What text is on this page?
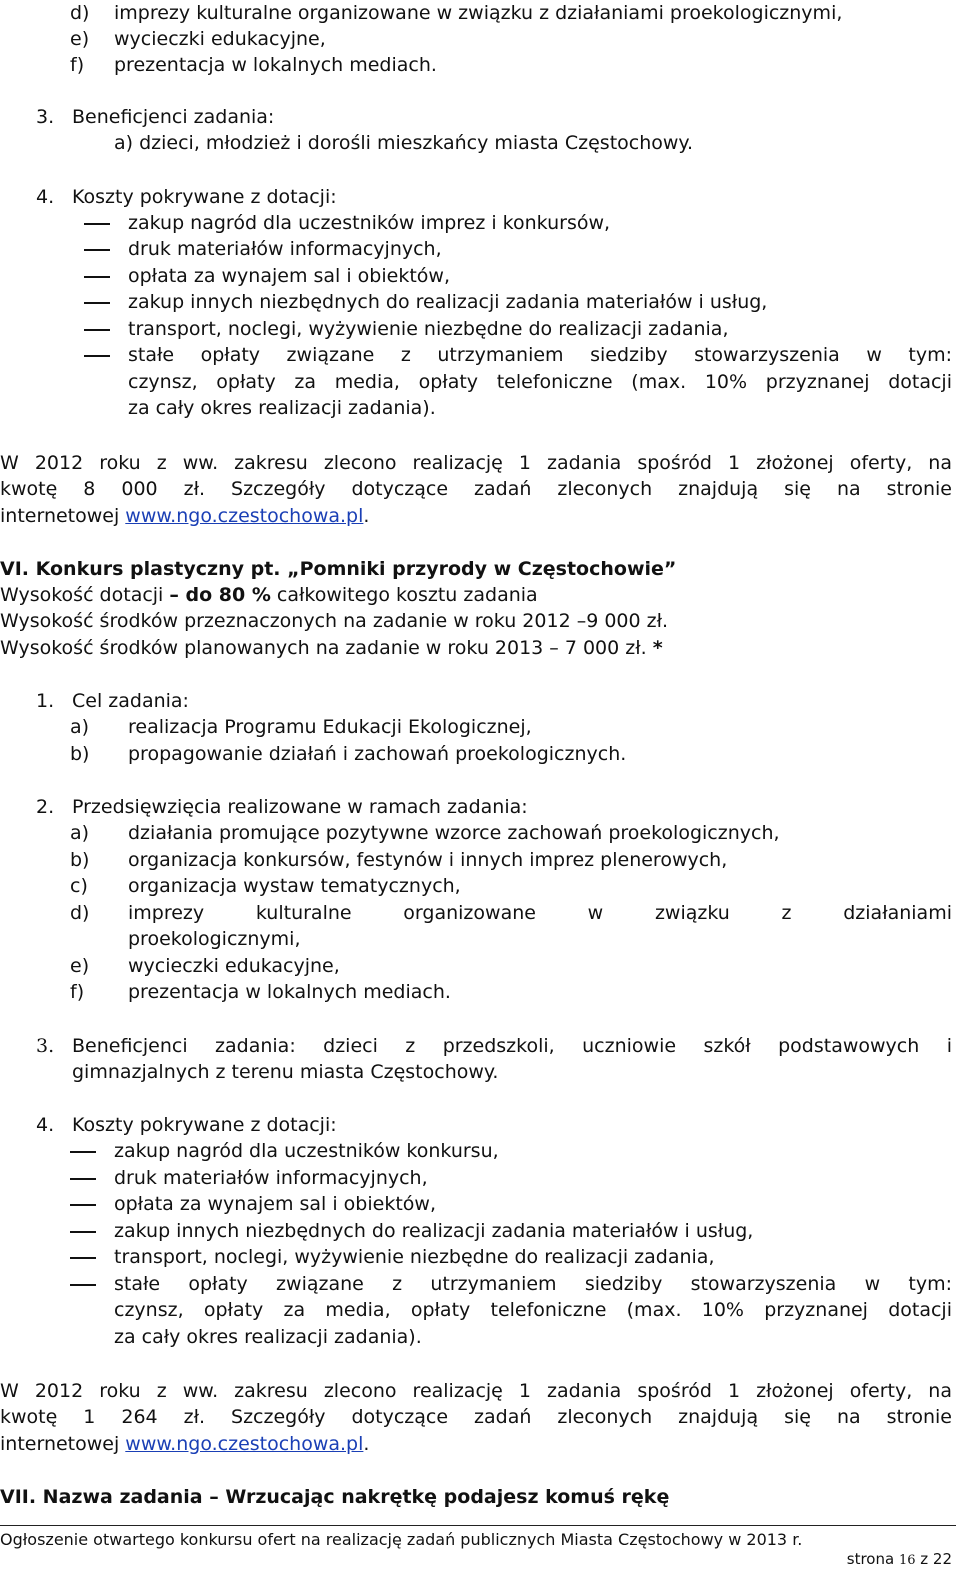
d) imprezy kulturalne organizowane w związku z działaniami proekologicznymi,
e) wycieczki edukacyjne,
f) prezentacja w lokalnych mediach.
3. Beneficjenci zadania:
a) dzieci, młodzież i dorośli mieszkańcy miasta Częstochowy.
4. Koszty pokrywane z dotacji:
zakup nagród dla uczestników imprez i konkursów,
druk materiałów informacyjnych,
opłata za wynajem sal i obiektów,
zakup innych niezbędnych do realizacji zadania materiałów i usług,
transport, noclegi, wyżywienie niezbędne do realizacji zadania,
stałe opłaty związane z utrzymaniem siedziby stowarzyszenia w tym:
czynsz, opłaty za media, opłaty telefoniczne (max. 10% przyznanej dotacji
za cały okres realizacji zadania).
W 2012 roku z ww. zakresu zlecono realizację 1 zadania spośród 1 złożonej oferty, na
kwotę 8 000 zł. Szczegóły dotyczące zadań zleconych znajdują się na stronie
internetowej www.ngo.czestochowa.pl.
VI. Konkurs plastyczny pt. „Pomniki przyrody w Częstochowie”
Wysokość dotacji – do 80 % całkowitego kosztu zadania
Wysokość środków przeznaczonych na zadanie w roku 2012 –9 000 zł.
Wysokość środków planowanych na zadanie w roku 2013 – 7 000 zł. *
1. Cel zadania:
a) realizacja Programu Edukacji Ekologicznej,
b) propagowanie działań i zachowań proekologicznych.
2. Przedsięwzięcia realizowane w ramach zadania:
a) działania promujące pozytywne wzorce zachowań proekologicznych,
b) organizacja konkursów, festynów i innych imprez plenerowych,
c) organizacja wystaw tematycznych,
d) imprezy kulturalne organizowane w związku z działaniami
proekologicznymi,
e) wycieczki edukacyjne,
f) prezentacja w lokalnych mediach.
3. Beneficjenci zadania: dzieci z przedszkoli, uczniowie szkół podstawowych i
gimnazjalnych z terenu miasta Częstochowy.
4. Koszty pokrywane z dotacji:
zakup nagród dla uczestników konkursu,
druk materiałów informacyjnych,
opłata za wynajem sal i obiektów,
zakup innych niezbędnych do realizacji zadania materiałów i usług,
transport, noclegi, wyżywienie niezbędne do realizacji zadania,
stałe opłaty związane z utrzymaniem siedziby stowarzyszenia w tym:
czynsz, opłaty za media, opłaty telefoniczne (max. 10% przyznanej dotacji
za cały okres realizacji zadania).
W 2012 roku z ww. zakresu zlecono realizację 1 zadania spośród 1 złożonej oferty, na
kwotę 1 264 zł. Szczegóły dotyczące zadań zleconych znajdują się na stronie
internetowej www.ngo.czestochowa.pl.
VII. Nazwa zadania – Wrzucając nakrętkę podajesz komuś rękę
Ogłoszenie otwartego konkursu ofert na realizację zadań publicznych Miasta Częstochowy w 2013 r.
strona 16 z 22
